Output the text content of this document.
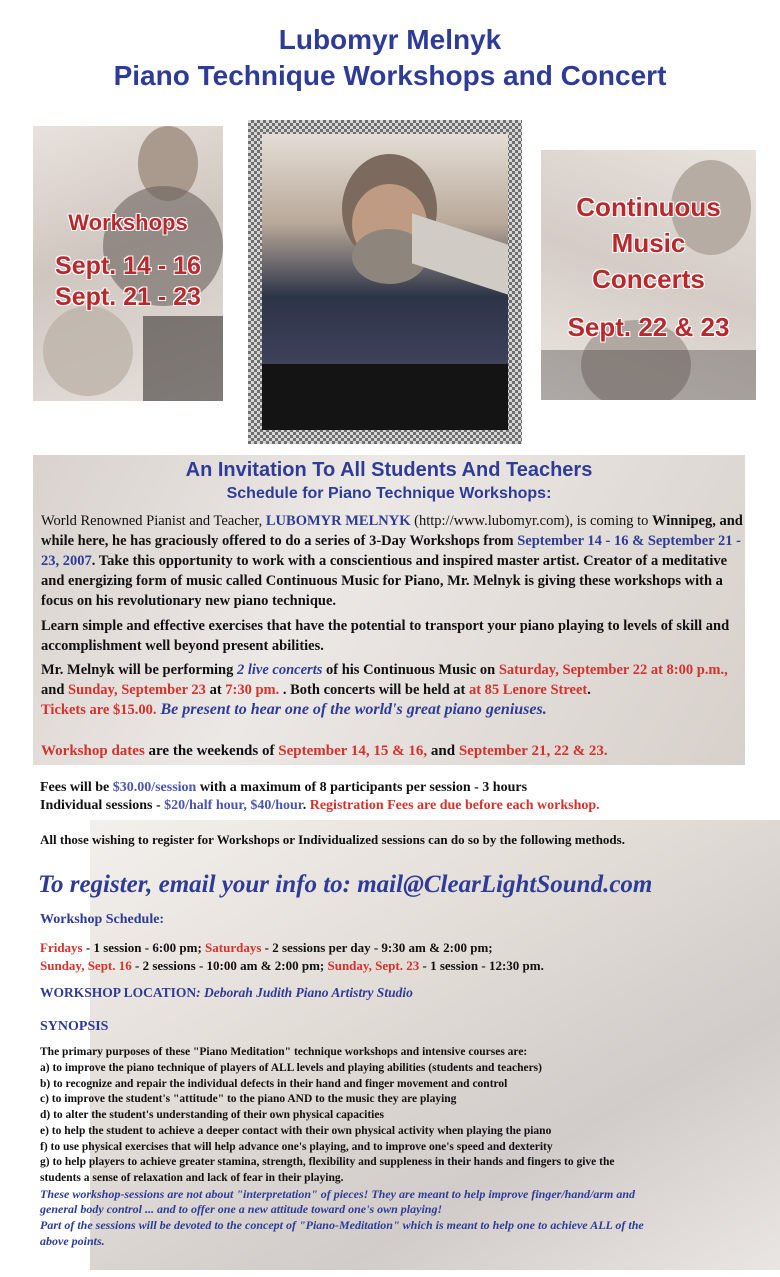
Lubomyr Melnyk
Piano Technique Workshops and Concert
Workshops
Sept. 14 - 16
Sept. 21 - 23
Continuous
Music
Concerts
Sept. 22 & 23
An Invitation To All Students And Teachers
Schedule for Piano Technique Workshops:
World Renowned Pianist and Teacher, LUBOMYR MELNYK (http://www.lubomyr.com), is coming to Winnipeg, and while here, he has graciously offered to do a series of 3-Day Workshops from September 14 - 16 & September 21 - 23, 2007. Take this opportunity to work with a conscientious and inspired master artist. Creator of a meditative and energizing form of music called Continuous Music for Piano, Mr. Melnyk is giving these workshops with a focus on his revolutionary new piano technique.
Learn simple and effective exercises that have the potential to transport your piano playing to levels of skill and accomplishment well beyond present abilities.
Mr. Melnyk will be performing 2 live concerts of his Continuous Music on Saturday, September 22 at 8:00 p.m., and Sunday, September 23 at 7:30 pm. . Both concerts will be held at at 85 Lenore Street.
Tickets are $15.00. Be present to hear one of the world's great piano geniuses.
Workshop dates are the weekends of September 14, 15 & 16, and September 21, 22 & 23.
Fees will be $30.00/session with a maximum of 8 participants per session - 3 hours
Individual sessions - $20/half hour, $40/hour. Registration Fees are due before each workshop.
All those wishing to register for Workshops or Individualized sessions can do so by the following methods.
To register, email your info to: mail@ClearLightSound.com
Workshop Schedule:
Fridays - 1 session - 6:00 pm; Saturdays - 2 sessions per day - 9:30 am & 2:00 pm;
Sunday, Sept. 16 - 2 sessions - 10:00 am & 2:00 pm; Sunday, Sept. 23 - 1 session - 12:30 pm.
WORKSHOP LOCATION: Deborah Judith Piano Artistry Studio
SYNOPSIS
The primary purposes of these "Piano Meditation" technique workshops and intensive courses are:
a) to improve the piano technique of players of ALL levels and playing abilities (students and teachers)
b) to recognize and repair the individual defects in their hand and finger movement and control
c) to improve the student's "attitude" to the piano AND to the music they are playing
d) to alter the student's understanding of their own physical capacities
e) to help the student to achieve a deeper contact with their own physical activity when playing the piano
f) to use physical exercises that will help advance one's playing, and to improve one's speed and dexterity
g) to help players to achieve greater stamina, strength, flexibility and suppleness in their hands and fingers to give the
students a sense of relaxation and lack of fear in their playing.
These workshop-sessions are not about "interpretation" of pieces! They are meant to help improve finger/hand/arm and
general body control ... and to offer one a new attitude toward one's own playing!
Part of the sessions will be devoted to the concept of "Piano-Meditation" which is meant to help one to achieve ALL of the
above points.
